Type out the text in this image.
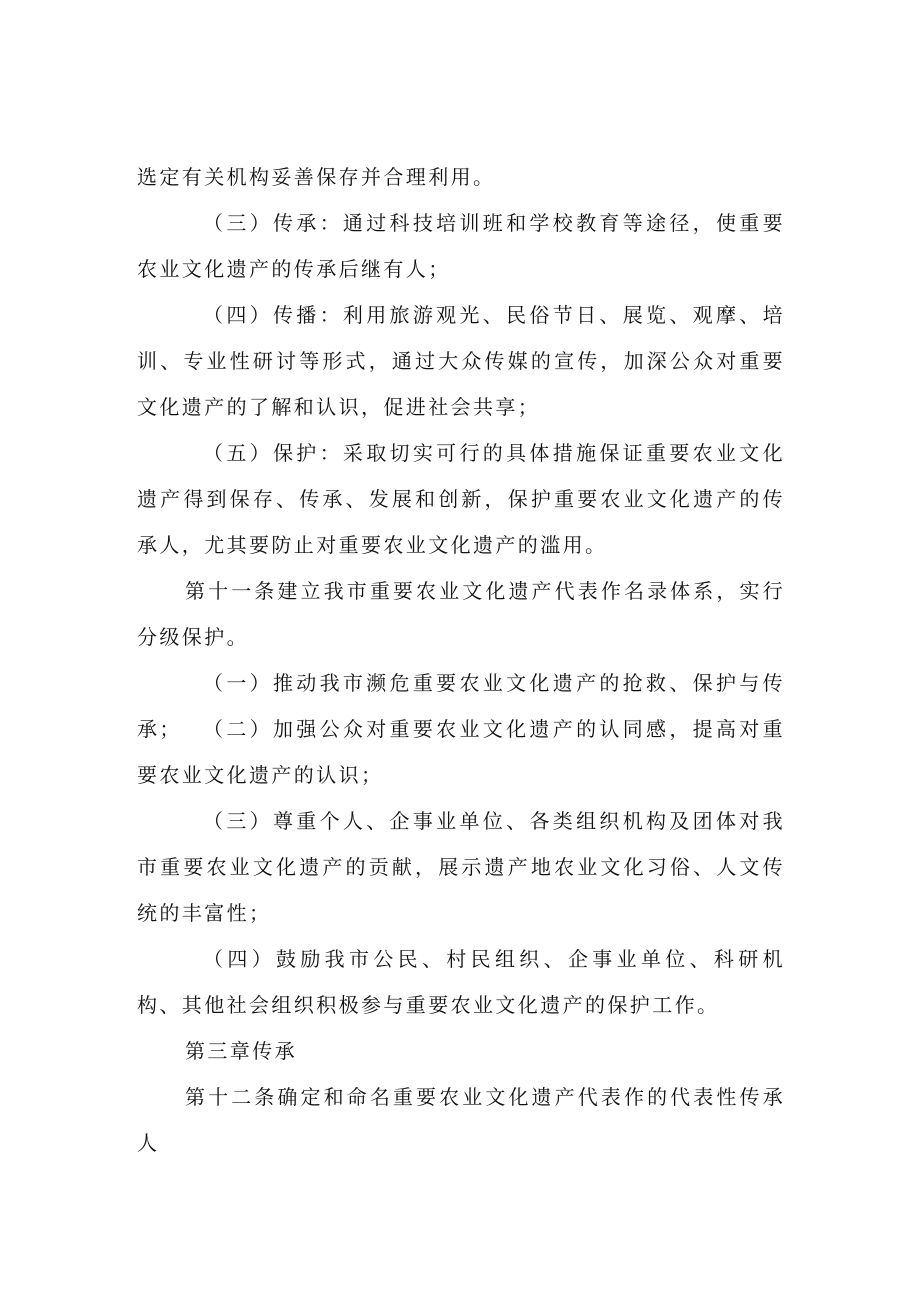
选定有关机构妥善保存并合理利用。

（三）传承：通过科技培训班和学校教育等途径，使重要农业文化遗产的传承后继有人；

（四）传播：利用旅游观光、民俗节日、展览、观摩、培训、专业性研讨等形式，通过大众传媒的宣传，加深公众对重要文化遗产的了解和认识，促进社会共享；

（五）保护：采取切实可行的具体措施保证重要农业文化遗产得到保存、传承、发展和创新，保护重要农业文化遗产的传承人，尤其要防止对重要农业文化遗产的滥用。

第十一条建立我市重要农业文化遗产代表作名录体系，实行分级保护。

（一）推动我市濒危重要农业文化遗产的抢救、保护与传承；	（二）加强公众对重要农业文化遗产的认同感，提高对重要农业文化遗产的认识；

（三）尊重个人、企事业单位、各类组织机构及团体对我市重要农业文化遗产的贡献，展示遗产地农业文化习俗、人文传统的丰富性；

（四）鼓励我市公民、村民组织、企事业单位、科研机构、其他社会组织积极参与重要农业文化遗产的保护工作。

第三章传承

第十二条确定和命名重要农业文化遗产代表作的代表性传承人
